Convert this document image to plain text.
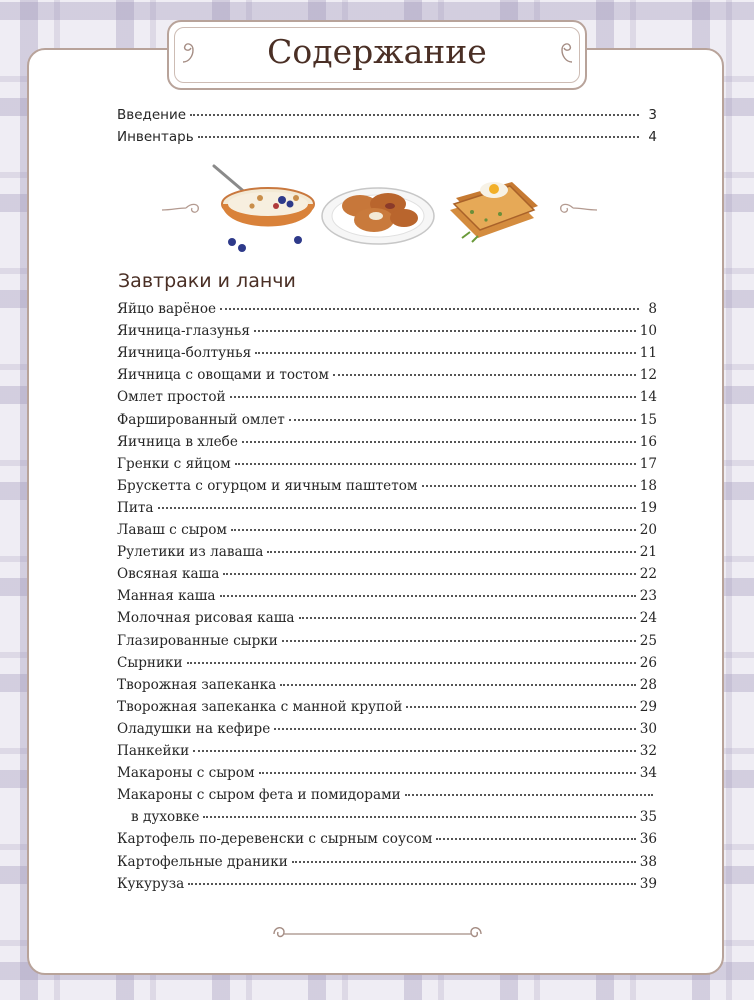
Содержание
Введение	3
Инвентарь	4
Завтраки и ланчи
Яйцо варёное	8
Яичница-глазунья	10
Яичница-болтунья	11
Яичница с овощами и тостом	12
Омлет простой	14
Фаршированный омлет	15
Яичница в хлебе	16
Гренки с яйцом	17
Брускетта с огурцом и яичным паштетом	18
Пита	19
Лаваш с сыром	20
Рулетики из лаваша	21
Овсяная каша	22
Манная каша	23
Молочная рисовая каша	24
Глазированные сырки	25
Сырники	26
Творожная запеканка	28
Творожная запеканка с манной крупой	29
Оладушки на кефире	30
Панкейки	32
Макароны с сыром	34
Макароны с сыром фета и помидорами
в духовке	35
Картофель по-деревенски с сырным соусом	36
Картофельные драники	38
Кукуруза	39
